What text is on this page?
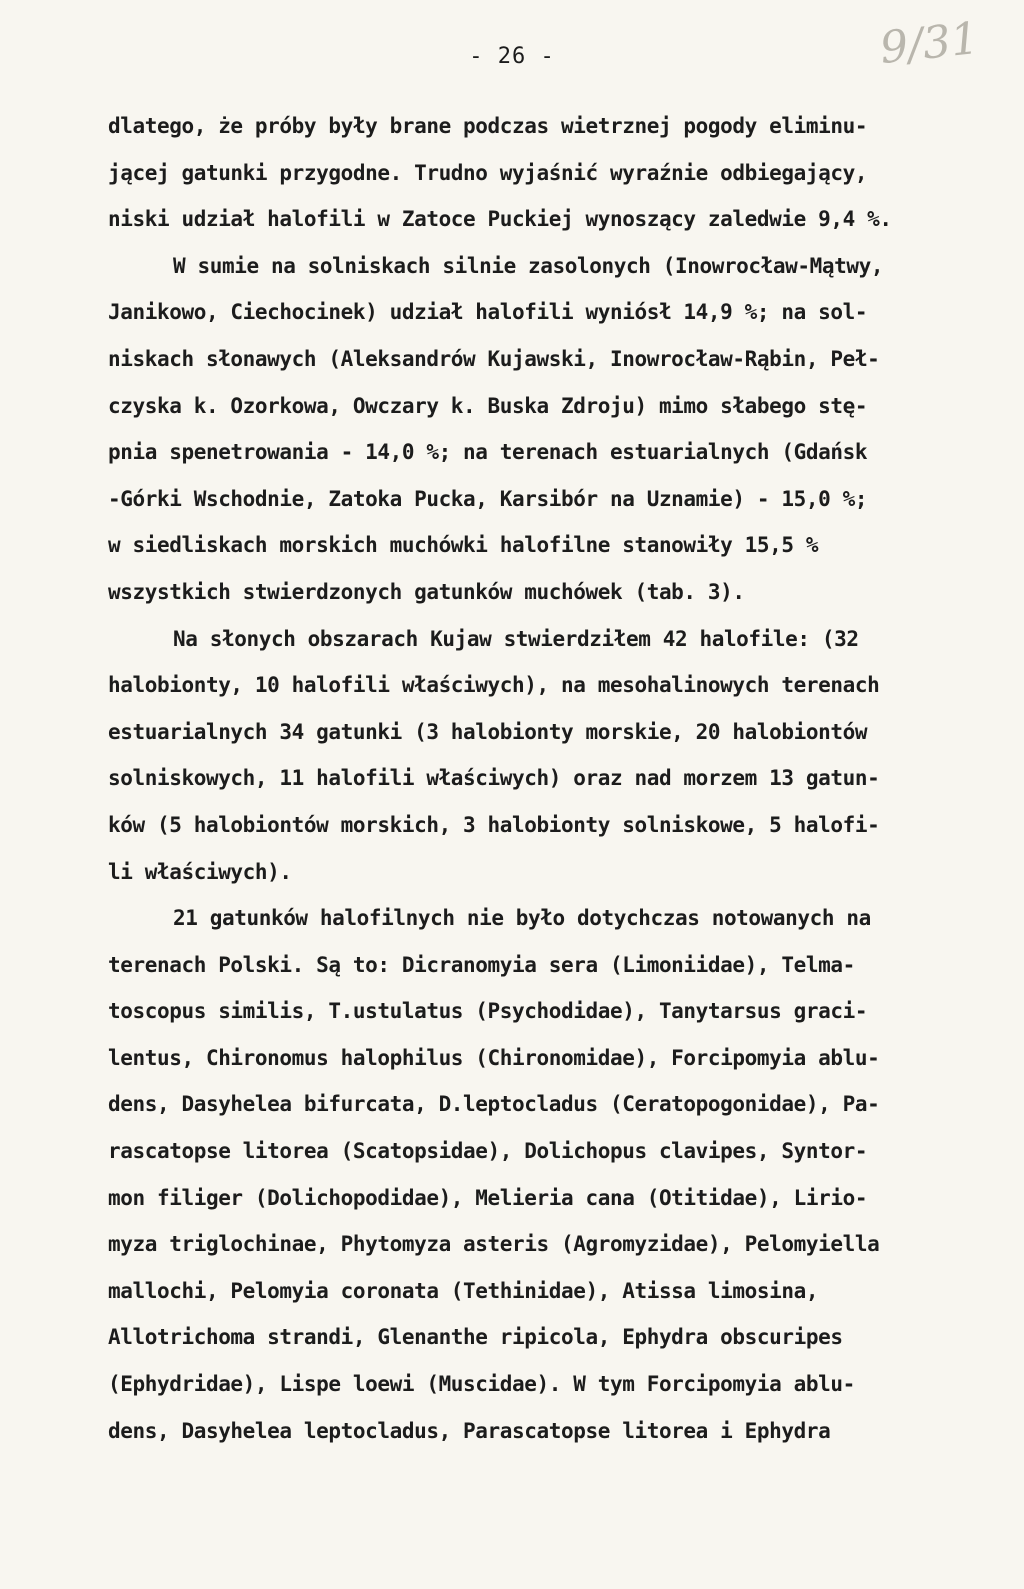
- 26 -	9/31
dlatego, że próby były brane podczas wietrznej pogody eliminu-
jącej gatunki przygodne. Trudno wyjaśnić wyraźnie odbiegający,
niski udział halofili w Zatoce Puckiej wynoszący zaledwie 9,4 %.
W sumie na solniskach silnie zasolonych (Inowrocław-Mątwy,
Janikowo, Ciechocinek) udział halofili wyniósł 14,9 %; na sol-
niskach słonawych (Aleksandrów Kujawski, Inowrocław-Rąbin, Peł-
czyska k. Ozorkowa, Owczary k. Buska Zdroju) mimo słabego stę-
pnia spenetrowania - 14,0 %; na terenach estuarialnych (Gdańsk
-Górki Wschodnie, Zatoka Pucka, Karsibór na Uznamie) - 15,0 %;
w siedliskach morskich muchówki halofilne stanowiły 15,5 %
wszystkich stwierdzonych gatunków muchówek (tab. 3).
Na słonych obszarach Kujaw stwierdziłem 42 halofile: (32
halobionty, 10 halofili właściwych), na mesohalinowych terenach
estuarialnych 34 gatunki (3 halobionty morskie, 20 halobiontów
solniskowych, 11 halofili właściwych) oraz nad morzem 13 gatun-
ków (5 halobiontów morskich, 3 halobionty solniskowe, 5 halofi-
li właściwych).
21 gatunków halofilnych nie było dotychczas notowanych na
terenach Polski. Są to: Dicranomyia sera (Limoniidae), Telma-
toscopus similis, T.ustulatus (Psychodidae), Tanytarsus graci-
lentus, Chironomus halophilus (Chironomidae), Forcipomyia ablu-
dens, Dasyhelea bifurcata, D.leptocladus (Ceratopogonidae), Pa-
rascatopse litorea (Scatopsidae), Dolichopus clavipes, Syntor-
mon filiger (Dolichopodidae), Melieria cana (Otitidae), Lirio-
myza triglochinae, Phytomyza asteris (Agromyzidae), Pelomyiella
mallochi, Pelomyia coronata (Tethinidae), Atissa limosina,
Allotrichoma strandi, Glenanthe ripicola, Ephydra obscuripes
(Ephydridae), Lispe loewi (Muscidae). W tym Forcipomyia ablu-
dens, Dasyhelea leptocladus, Parascatopse litorea i Ephydra
